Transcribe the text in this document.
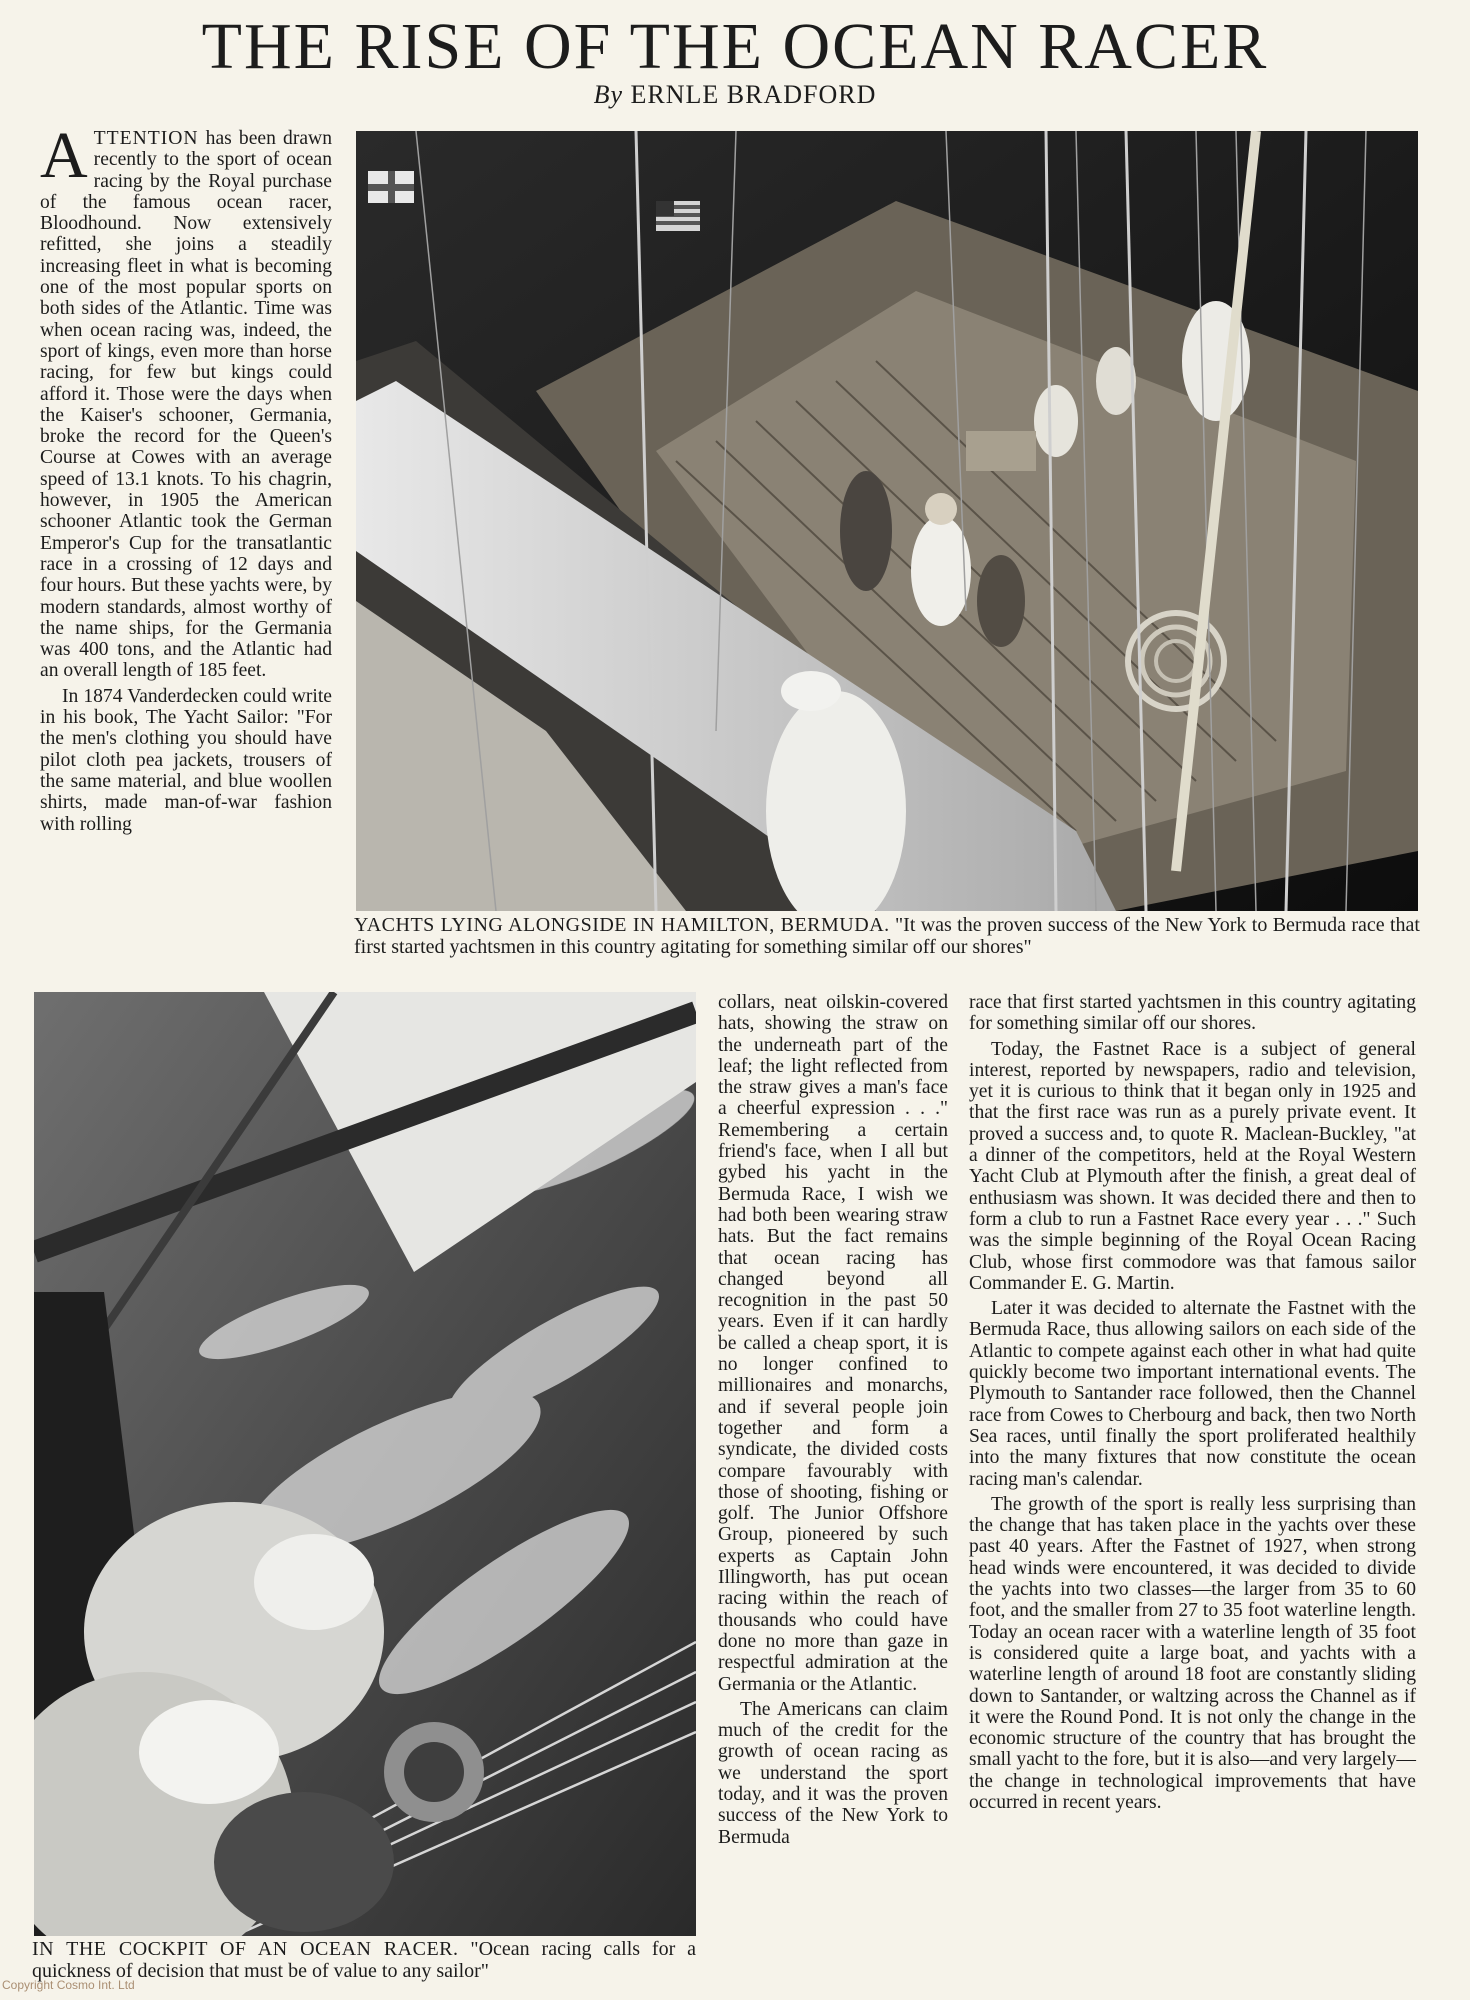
THE RISE OF THE OCEAN RACER
By ERNLE BRADFORD

ATTENTION has been drawn recently to the sport of ocean racing by the Royal purchase of the famous ocean racer, Bloodhound. Now extensively refitted, she joins a steadily increasing fleet in what is becoming one of the most popular sports on both sides of the Atlantic. Time was when ocean racing was, indeed, the sport of kings, even more than horse racing, for few but kings could afford it. Those were the days when the Kaiser's schooner, Germania, broke the record for the Queen's Course at Cowes with an average speed of 13.1 knots. To his chagrin, however, in 1905 the American schooner Atlantic took the German Emperor's Cup for the transatlantic race in a crossing of 12 days and four hours. But these yachts were, by modern standards, almost worthy of the name ships, for the Germania was 400 tons, and the Atlantic had an overall length of 185 feet.

In 1874 Vanderdecken could write in his book, The Yacht Sailor: "For the men's clothing you should have pilot cloth pea jackets, trousers of the same material, and blue woollen shirts, made man-of-war fashion with rolling

YACHTS LYING ALONGSIDE IN HAMILTON, BERMUDA. "It was the proven success of the New York to Bermuda race that first started yachtsmen in this country agitating for something similar off our shores"
IN THE COCKPIT OF AN OCEAN RACER. "Ocean racing calls for a quickness of decision that must be of value to any sailor"

collars, neat oilskin-covered hats, showing the straw on the underneath part of the leaf; the light reflected from the straw gives a man's face a cheerful expression . . ." Remembering a certain friend's face, when I all but gybed his yacht in the Bermuda Race, I wish we had both been wearing straw hats. But the fact remains that ocean racing has changed beyond all recognition in the past 50 years. Even if it can hardly be called a cheap sport, it is no longer confined to millionaires and monarchs, and if several people join together and form a syndicate, the divided costs compare favourably with those of shooting, fishing or golf. The Junior Offshore Group, pioneered by such experts as Captain John Illingworth, has put ocean racing within the reach of thousands who could have done no more than gaze in respectful admiration at the Germania or the Atlantic.

The Americans can claim much of the credit for the growth of ocean racing as we understand the sport today, and it was the proven success of the New York to Bermuda

race that first started yachtsmen in this country agitating for something similar off our shores.

Today, the Fastnet Race is a subject of general interest, reported by newspapers, radio and television, yet it is curious to think that it began only in 1925 and that the first race was run as a purely private event. It proved a success and, to quote R. Maclean-Buckley, "at a dinner of the competitors, held at the Royal Western Yacht Club at Plymouth after the finish, a great deal of enthusiasm was shown. It was decided there and then to form a club to run a Fastnet Race every year . . ." Such was the simple beginning of the Royal Ocean Racing Club, whose first commodore was that famous sailor Commander E. G. Martin.

Later it was decided to alternate the Fastnet with the Bermuda Race, thus allowing sailors on each side of the Atlantic to compete against each other in what had quite quickly become two important international events. The Plymouth to Santander race followed, then the Channel race from Cowes to Cherbourg and back, then two North Sea races, until finally the sport proliferated healthily into the many fixtures that now constitute the ocean racing man's calendar.

The growth of the sport is really less surprising than the change that has taken place in the yachts over these past 40 years. After the Fastnet of 1927, when strong head winds were encountered, it was decided to divide the yachts into two classes—the larger from 35 to 60 foot, and the smaller from 27 to 35 foot waterline length. Today an ocean racer with a waterline length of 35 foot is considered quite a large boat, and yachts with a waterline length of around 18 foot are constantly sliding down to Santander, or waltzing across the Channel as if it were the Round Pond. It is not only the change in the economic structure of the country that has brought the small yacht to the fore, but it is also—and very largely—the change in technological improvements that have occurred in recent years.

Copyright Cosmo Int. Ltd
